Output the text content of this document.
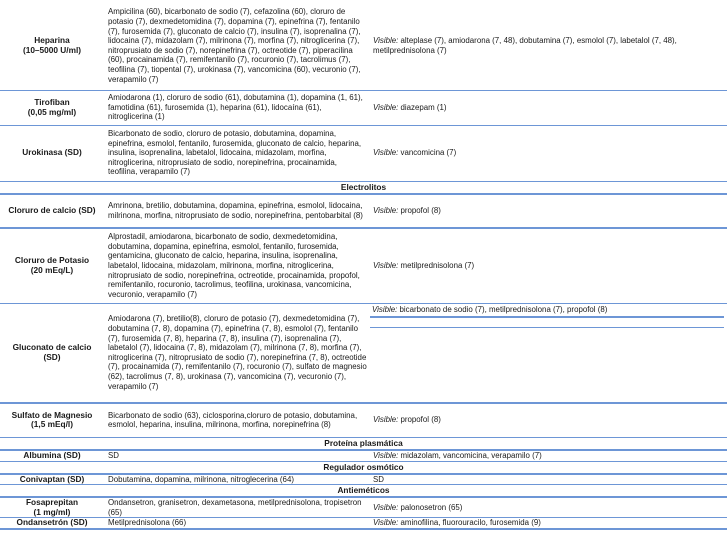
Heparina
(10–5000 U/ml)	Ampicilina (60), bicarbonato de sodio (7), cefazolina (60), cloruro de potasio (7), dexmedetomidina (7), dopamina (7), epinefrina (7), fentanilo (7), furosemida (7), gluconato de calcio (7), insulina (7), isoprenalina (7), lidocaina (7), midazolam (7), milrinona (7), morfina (7), nitroglicerina (7), nitroprusiato de sodio (7), norepinefrina (7), octreotide (7), piperacilina (60), procainamida (7), remifentanilo (7), rocuronio (7), tacrolimus (7), teofilina (7), tiopental (7), urokinasa (7), vancomicina (60), vecuronio (7), verapamilo (7)	Visible: alteplase (7), amiodarona (7, 48), dobutamina (7), esmolol (7), labetalol (7, 48), metilprednisolona (7)
Tirofiban
(0,05 mg/ml)	Amiodarona (1), cloruro de sodio (61), dobutamina (1), dopamina (1, 61), famotidina (61), furosemida (1), heparina (61), lidocaína (61), nitroglicerina (1)	Visible: diazepam (1)
Urokinasa (SD)	Bicarbonato de sodio, cloruro de potasio, dobutamina, dopamina, epinefrina, esmolol, fentanilo, furosemida, gluconato de calcio, heparina, insulina, isoprenalina, labetalol, lidocaina, midazolam, morfina, nitroglicerina, nitroprusiato de sodio, norepinefrina, procainamida, teofilina, verapamilo (7)	Visible: vancomicina (7)
Electrolitos		
Cloruro de calcio (SD)	Amrinona, bretilio, dobutamina, dopamina, epinefrina, esmolol, lidocaina, milrinona, morfina, nitroprusiato de sodio, norepinefrina, pentobarbital (8)	Visible: propofol (8)
Cloruro de Potasio
(20 mEq/L)	Alprostadil, amiodarona, bicarbonato de sodio, dexmedetomidina, dobutamina, dopamina, epinefrina, esmolol, fentanilo, furosemida, gentamicina, gluconato de calcio, heparina, insulina, isoprenalina, labetalol, lidocaina, midazolam, milrinona, morfina, nitroglicerina, nitroprusiato de sodio, norepinefrina, octreotide, procainamida, propofol, remifentanilo, rocuronio, tacrolimus, teofilina, urokinasa, vancomicina, vecuronio, verapamilo (7)	Visible: metilprednisolona (7)
Gluconato de calcio
(SD)	Amiodarona (7), bretilio(8), cloruro de potasio (7), dexmedetomidina (7), dobutamina (7, 8), dopamina (7), epinefrina (7, 8), esmolol (7), fentanilo (7), furosemida (7, 8), heparina (7, 8), insulina (7), isoprenalina (7), labetalol (7), lidocaina (7, 8), midazolam (7), milrinona (7, 8), morfina (7), nitroglicerina (7), nitroprusiato de sodio (7), norepinefrina (7, 8), octreotide (7), procainamida (7), remifentanilo (7), rocuronio (7), sulfato de magnesio (62), tacrolimus (7, 8), urokinasa (7), vancomicina (7), vecuronio (7), verapamilo (7)	Visible: bicarbonato de sodio (7), metilprednisolona (7), propofol (8)

Sulfato de Magnesio
(1,5 mEq/l)	Bicarbonato de sodio (63), ciclosporina,cloruro de potasio, dobutamina, esmolol, heparina, insulina, milrinona, morfina, norepinefrina (8)	Visible: propofol (8)
Proteína plasmática		
Albumina (SD)	SD	Visible: midazolam, vancomicina, verapamilo (7)
Regulador osmótico		
Conivaptan (SD)	Dobutamina, dopamina, milrinona, nitroglecerina (64)	SD
Antieméticos		
Fosaprepitan
(1 mg/ml)	Ondansetron, granisetron, dexametasona, metilprednisolona, tropisetron (65)	Visible: palonosetron (65)
Ondansetrón (SD)	Metilprednisolona (66)	Visible: aminofilina, fluorouracilo, furosemida (9)
